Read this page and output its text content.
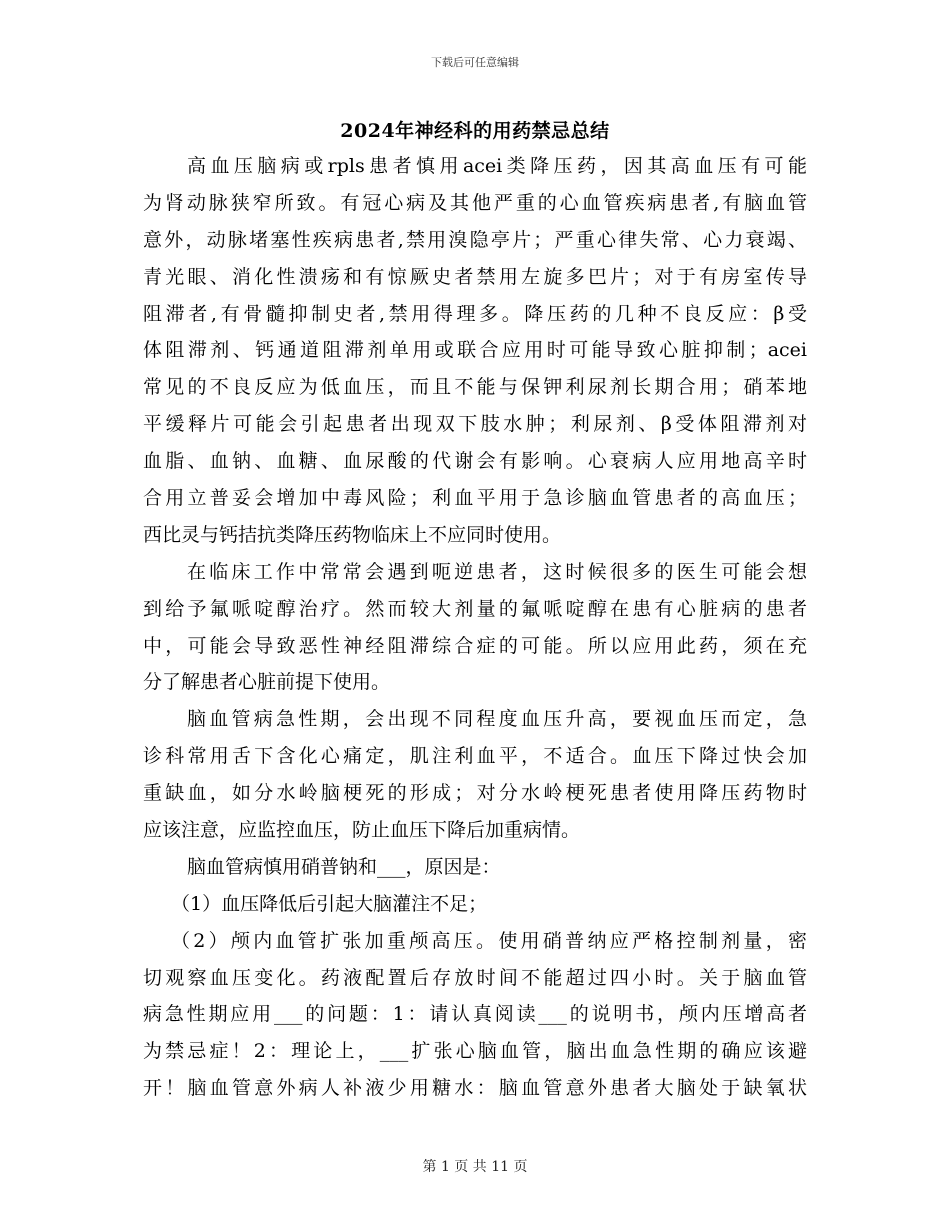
下载后可任意编辑
2024年神经科的用药禁忌总结
高血压脑病或rpls患者慎用acei类降压药，因其高血压有可能
为肾动脉狭窄所致。有冠心病及其他严重的心血管疾病患者,有脑血管
意外，动脉堵塞性疾病患者,禁用溴隐亭片；严重心律失常、心力衰竭、
青光眼、消化性溃疡和有惊厥史者禁用左旋多巴片；对于有房室传导
阻滞者,有骨髓抑制史者,禁用得理多。降压药的几种不良反应：β受
体阻滞剂、钙通道阻滞剂单用或联合应用时可能导致心脏抑制；acei
常见的不良反应为低血压，而且不能与保钾利尿剂长期合用；硝苯地
平缓释片可能会引起患者出现双下肢水肿；利尿剂、β受体阻滞剂对
血脂、血钠、血糖、血尿酸的代谢会有影响。心衰病人应用地高辛时
合用立普妥会增加中毒风险；利血平用于急诊脑血管患者的高血压；
西比灵与钙拮抗类降压药物临床上不应同时使用。
在临床工作中常常会遇到呃逆患者，这时候很多的医生可能会想
到给予氟哌啶醇治疗。然而较大剂量的氟哌啶醇在患有心脏病的患者
中，可能会导致恶性神经阻滞综合症的可能。所以应用此药，须在充
分了解患者心脏前提下使用。
脑血管病急性期，会出现不同程度血压升高，要视血压而定，急
诊科常用舌下含化心痛定，肌注利血平，不适合。血压下降过快会加
重缺血，如分水岭脑梗死的形成；对分水岭梗死患者使用降压药物时
应该注意，应监控血压，防止血压下降后加重病情。
脑血管病慎用硝普钠和___，原因是：
（1）血压降低后引起大脑灌注不足；
（2）颅内血管扩张加重颅高压。使用硝普纳应严格控制剂量，密
切观察血压变化。药液配置后存放时间不能超过四小时。关于脑血管
病急性期应用___的问题：1：请认真阅读___的说明书，颅内压增高者
为禁忌症！2：理论上，___扩张心脑血管，脑出血急性期的确应该避
开！脑血管意外病人补液少用糖水：脑血管意外患者大脑处于缺氧状
第 1 页 共 11 页
